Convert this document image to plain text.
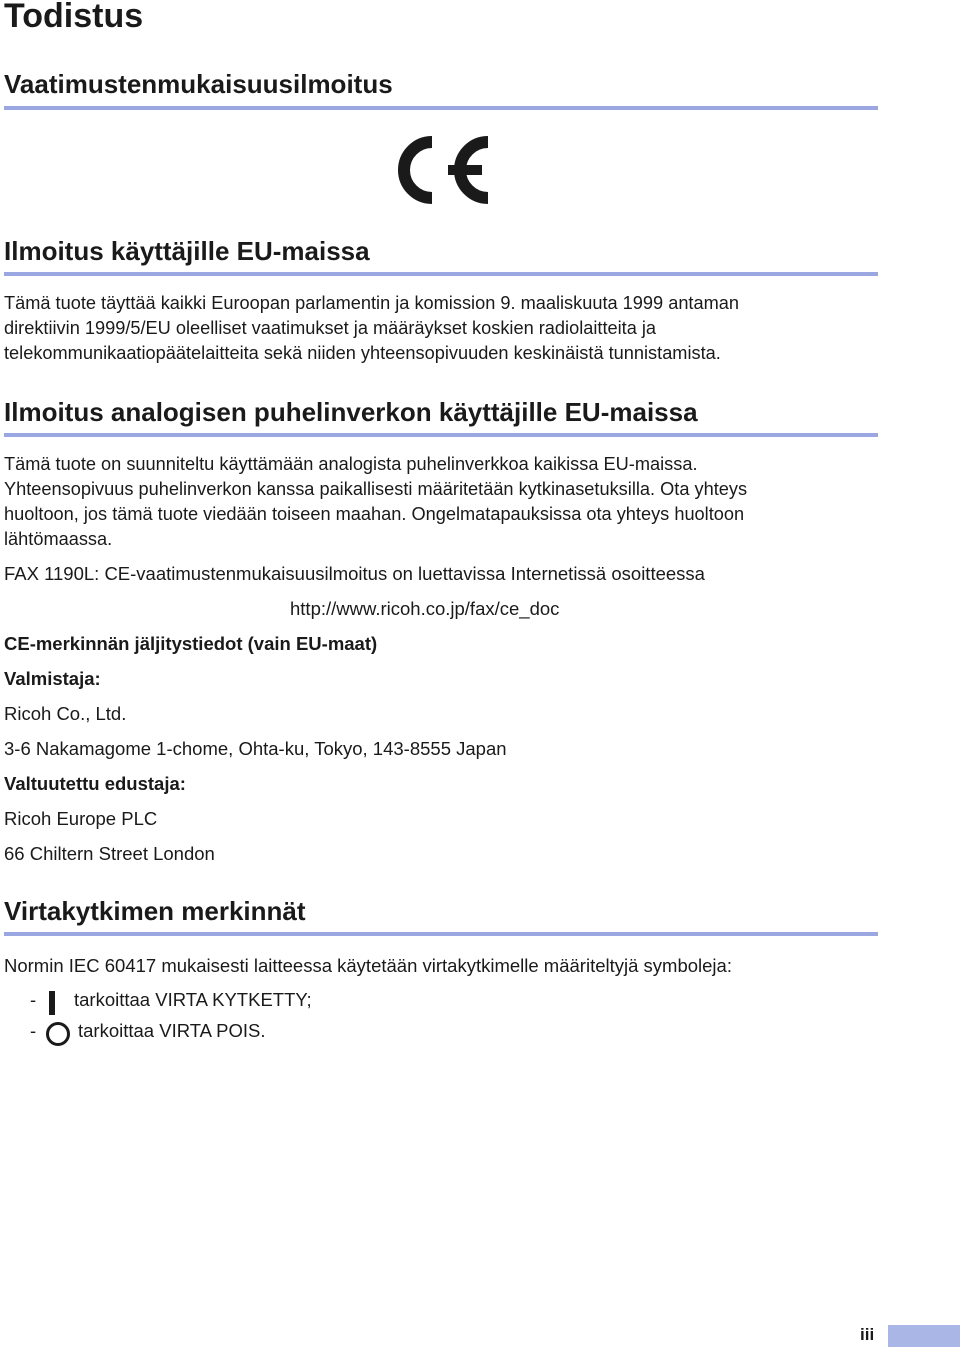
Todistus
Vaatimustenmukaisuusilmoitus
Ilmoitus käyttäjille EU-maissa
Tämä tuote täyttää kaikki Euroopan parlamentin ja komission 9. maaliskuuta 1999 antaman
direktiivin 1999/5/EU oleelliset vaatimukset ja määräykset koskien radiolaitteita ja
telekommunikaatiopäätelaitteita sekä niiden yhteensopivuuden keskinäistä tunnistamista.
Ilmoitus analogisen puhelinverkon käyttäjille EU-maissa
Tämä tuote on suunniteltu käyttämään analogista puhelinverkkoa kaikissa EU-maissa.
Yhteensopivuus puhelinverkon kanssa paikallisesti määritetään kytkinasetuksilla. Ota yhteys
huoltoon, jos tämä tuote viedään toiseen maahan. Ongelmatapauksissa ota yhteys huoltoon
lähtömaassa.
FAX 1190L: CE-vaatimustenmukaisuusilmoitus on luettavissa Internetissä osoitteessa
http://www.ricoh.co.jp/fax/ce_doc
CE-merkinnän jäljitystiedot (vain EU-maat)
Valmistaja:
Ricoh Co., Ltd.
3-6 Nakamagome 1-chome, Ohta-ku, Tokyo, 143-8555 Japan
Valtuutettu edustaja:
Ricoh Europe PLC
66 Chiltern Street London
Virtakytkimen merkinnät
Normin IEC 60417 mukaisesti laitteessa käytetään virtakytkimelle määriteltyjä symboleja:
- tarkoittaa VIRTA KYTKETTY;
- tarkoittaa VIRTA POIS.
iii
